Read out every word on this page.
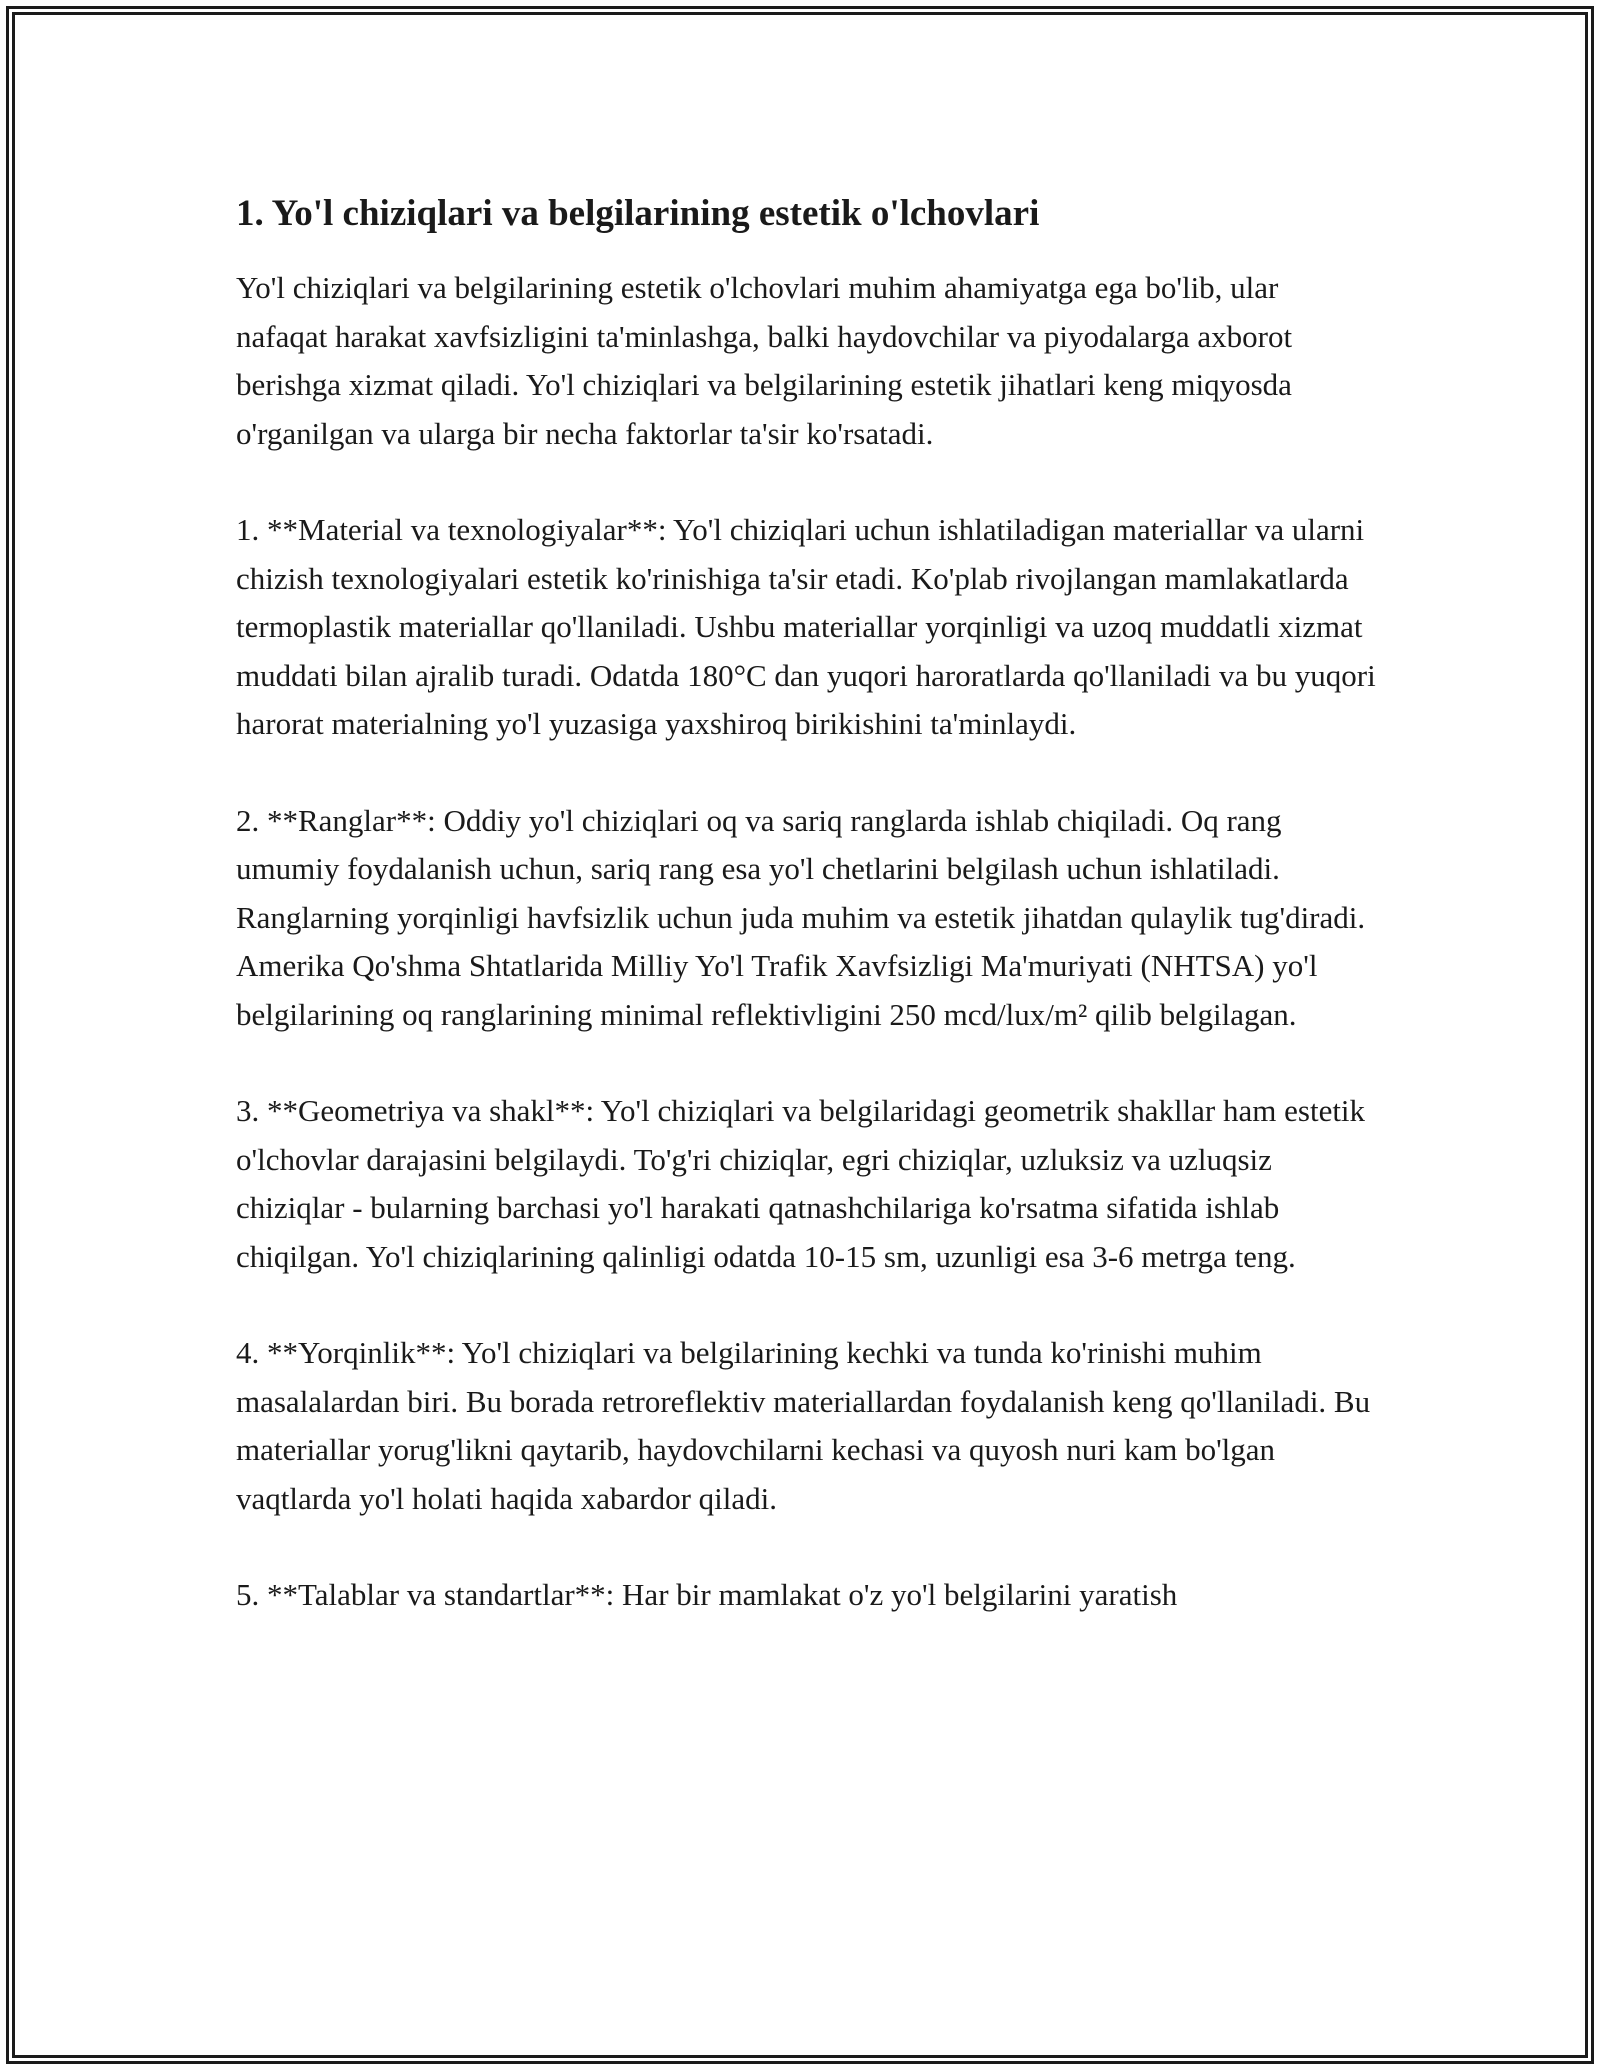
1. Yo'l chiziqlari va belgilarining estetik o'lchovlari

Yo'l chiziqlari va belgilarining estetik o'lchovlari muhim ahamiyatga ega bo'lib, ular nafaqat harakat xavfsizligini ta'minlashga, balki haydovchilar va piyodalarga axborot berishga xizmat qiladi. Yo'l chiziqlari va belgilarining estetik jihatlari keng miqyosda o'rganilgan va ularga bir necha faktorlar ta'sir ko'rsatadi.

1. **Material va texnologiyalar**: Yo'l chiziqlari uchun ishlatiladigan materiallar va ularni chizish texnologiyalari estetik ko'rinishiga ta'sir etadi. Ko'plab rivojlangan mamlakatlarda termoplastik materiallar qo'llaniladi. Ushbu materiallar yorqinligi va uzoq muddatli xizmat muddati bilan ajralib turadi. Odatda 180°C dan yuqori haroratlarda qo'llaniladi va bu yuqori harorat materialning yo'l yuzasiga yaxshiroq birikishini ta'minlaydi.

2. **Ranglar**: Oddiy yo'l chiziqlari oq va sariq ranglarda ishlab chiqiladi. Oq rang umumiy foydalanish uchun, sariq rang esa yo'l chetlarini belgilash uchun ishlatiladi. Ranglarning yorqinligi havfsizlik uchun juda muhim va estetik jihatdan qulaylik tug'diradi. Amerika Qo'shma Shtatlarida Milliy Yo'l Trafik Xavfsizligi Ma'muriyati (NHTSA) yo'l belgilarining oq ranglarining minimal reflektivligini 250 mcd/lux/m² qilib belgilagan.

3. **Geometriya va shakl**: Yo'l chiziqlari va belgilaridagi geometrik shakllar ham estetik o'lchovlar darajasini belgilaydi. To'g'ri chiziqlar, egri chiziqlar, uzluksiz va uzluqsiz chiziqlar - bularning barchasi yo'l harakati qatnashchilariga ko'rsatma sifatida ishlab chiqilgan. Yo'l chiziqlarining qalinligi odatda 10-15 sm, uzunligi esa 3-6 metrga teng.

4. **Yorqinlik**: Yo'l chiziqlari va belgilarining kechki va tunda ko'rinishi muhim masalalardan biri. Bu borada retroreflektiv materiallardan foydalanish keng qo'llaniladi. Bu materiallar yorug'likni qaytarib, haydovchilarni kechasi va quyosh nuri kam bo'lgan vaqtlarda yo'l holati haqida xabardor qiladi.

5. **Talablar va standartlar**: Har bir mamlakat o'z yo'l belgilarini yaratish
